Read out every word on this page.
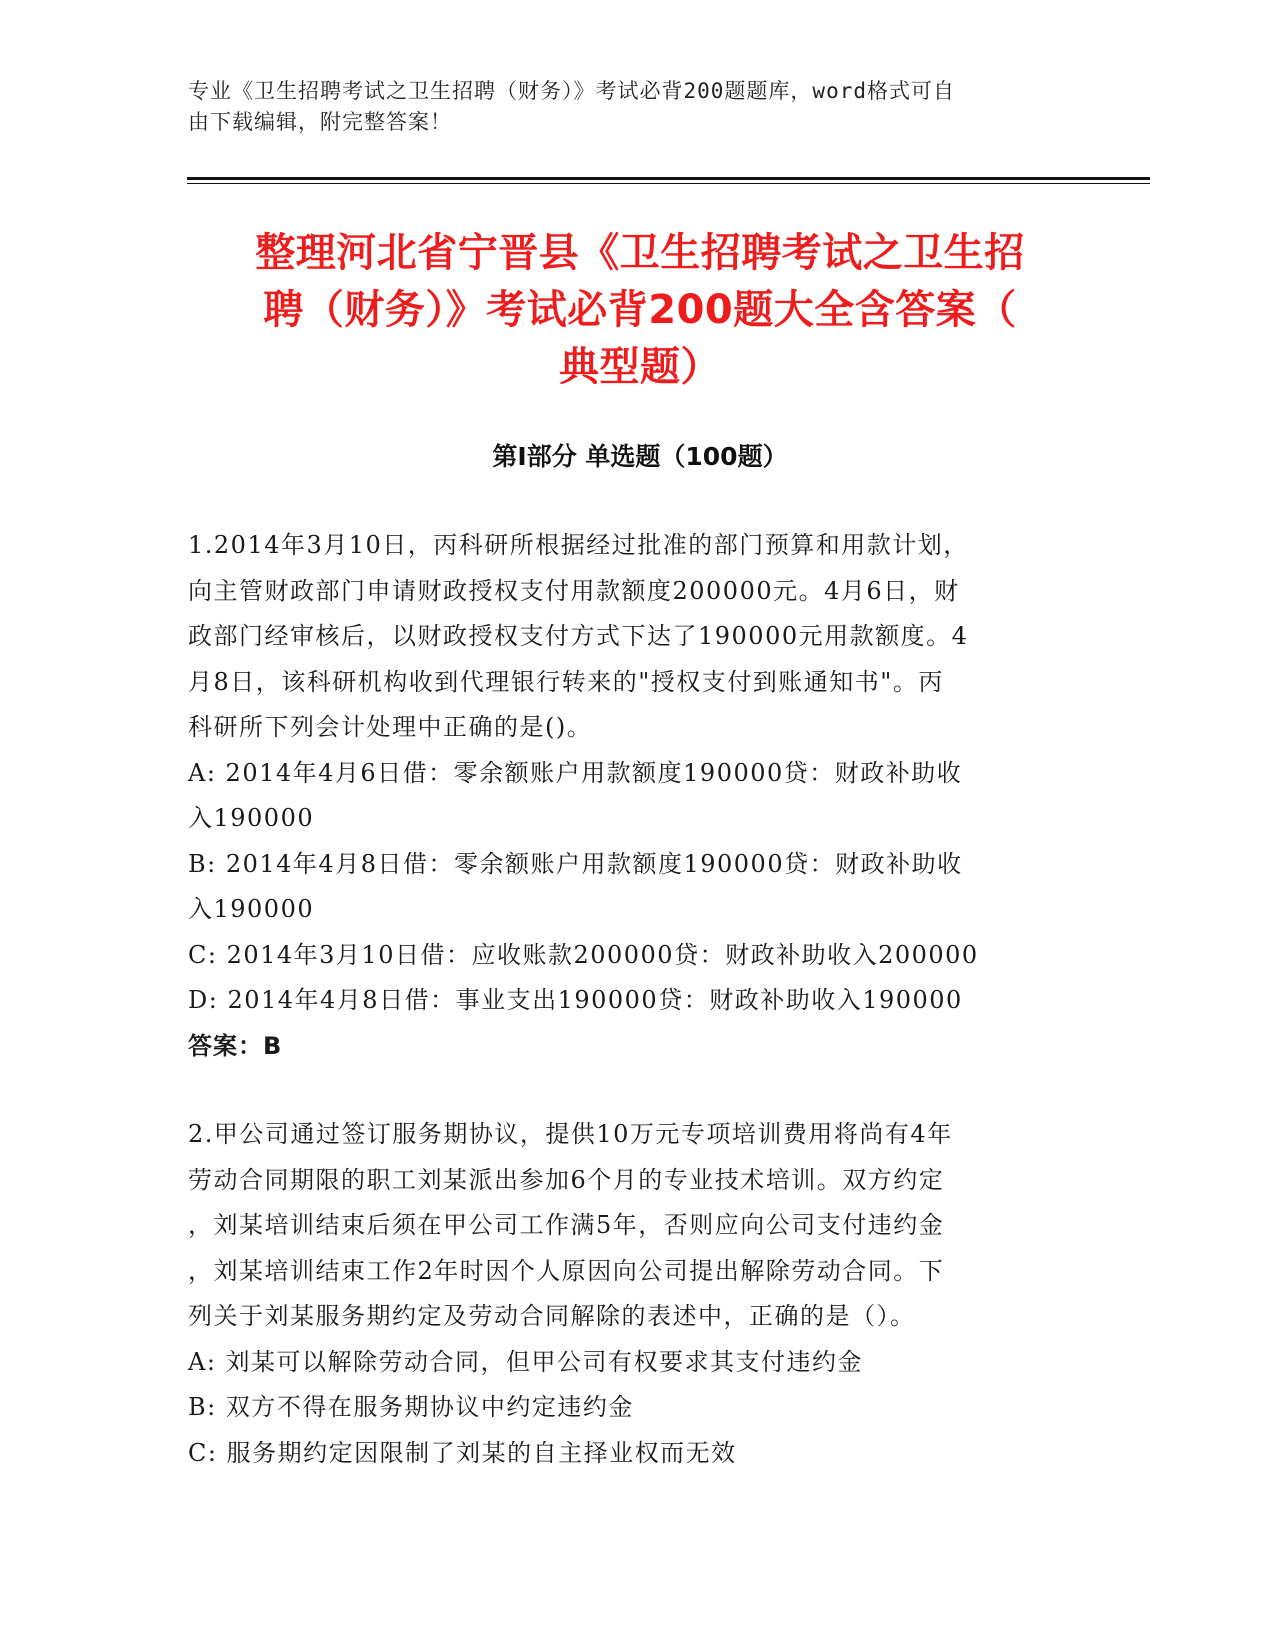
专业《卫生招聘考试之卫生招聘（财务）》考试必背200题题库，word格式可自
由下载编辑，附完整答案！
整理河北省宁晋县《卫生招聘考试之卫生招
聘（财务）》考试必背200题大全含答案（
典型题）
第Ⅰ部分 单选题（100题）
1.2014年3月10日，丙科研所根据经过批准的部门预算和用款计划，
向主管财政部门申请财政授权支付用款额度200000元。4月6日，财
政部门经审核后，以财政授权支付方式下达了190000元用款额度。4
月8日，该科研机构收到代理银行转来的"授权支付到账通知书"。丙
科研所下列会计处理中正确的是()。
A: 2014年4月6日借：零余额账户用款额度190000贷：财政补助收
入190000
B: 2014年4月8日借：零余额账户用款额度190000贷：财政补助收
入190000
C: 2014年3月10日借：应收账款200000贷：财政补助收入200000
D: 2014年4月8日借：事业支出190000贷：财政补助收入190000
答案：B
2.甲公司通过签订服务期协议，提供10万元专项培训费用将尚有4年
劳动合同期限的职工刘某派出参加6个月的专业技术培训。双方约定
，刘某培训结束后须在甲公司工作满5年，否则应向公司支付违约金
，刘某培训结束工作2年时因个人原因向公司提出解除劳动合同。下
列关于刘某服务期约定及劳动合同解除的表述中，正确的是（）。
A: 刘某可以解除劳动合同，但甲公司有权要求其支付违约金
B: 双方不得在服务期协议中约定违约金
C: 服务期约定因限制了刘某的自主择业权而无效
